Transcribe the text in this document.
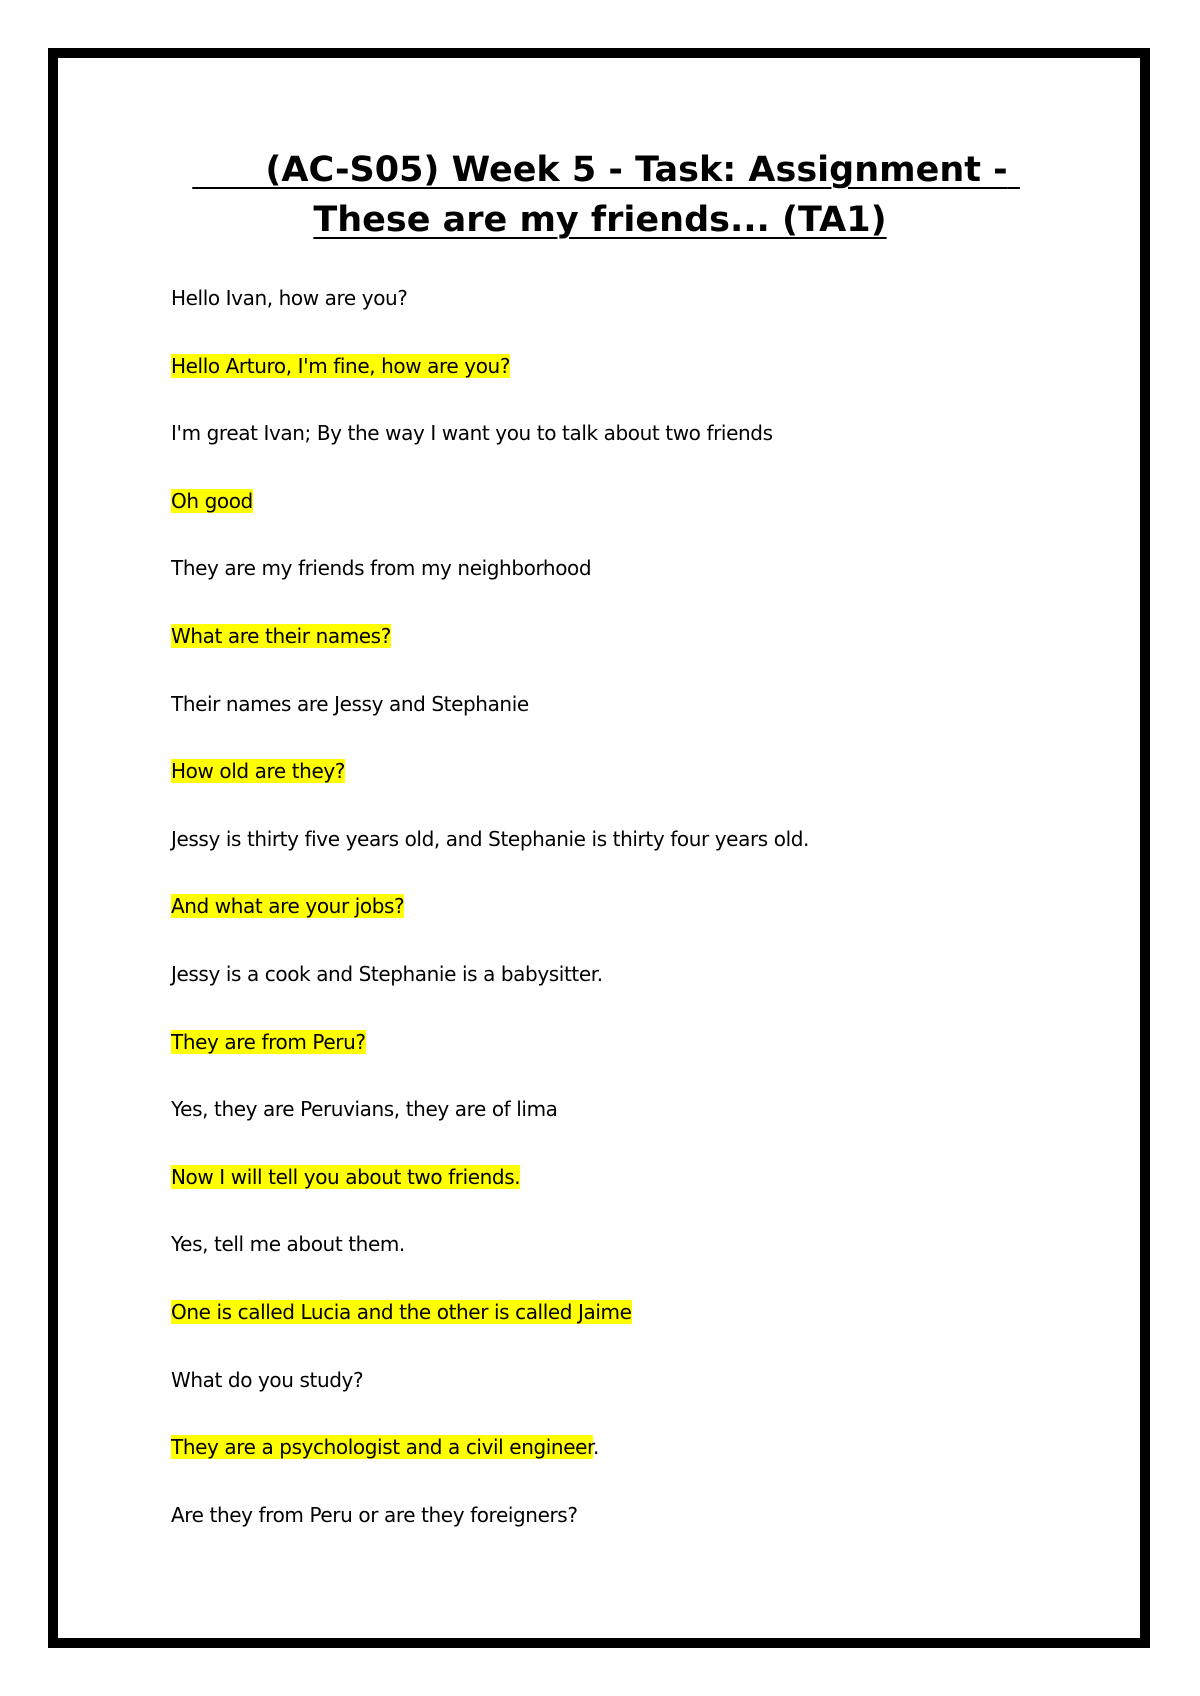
(AC-S05) Week 5 - Task: Assignment - These are my friends... (TA1)
Hello Ivan, how are you?
Hello Arturo, I'm fine, how are you?
I'm great Ivan; By the way I want you to talk about two friends
Oh good
They are my friends from my neighborhood
What are their names?
Their names are Jessy and Stephanie
How old are they?
Jessy is thirty five years old, and Stephanie is thirty four years old.
And what are your jobs?
Jessy is a cook and Stephanie is a babysitter.
They are from Peru?
Yes, they are Peruvians, they are of lima
Now I will tell you about two friends.
Yes, tell me about them.
One is called Lucia and the other is called Jaime
What do you study?
They are a psychologist and a civil engineer.
Are they from Peru or are they foreigners?
